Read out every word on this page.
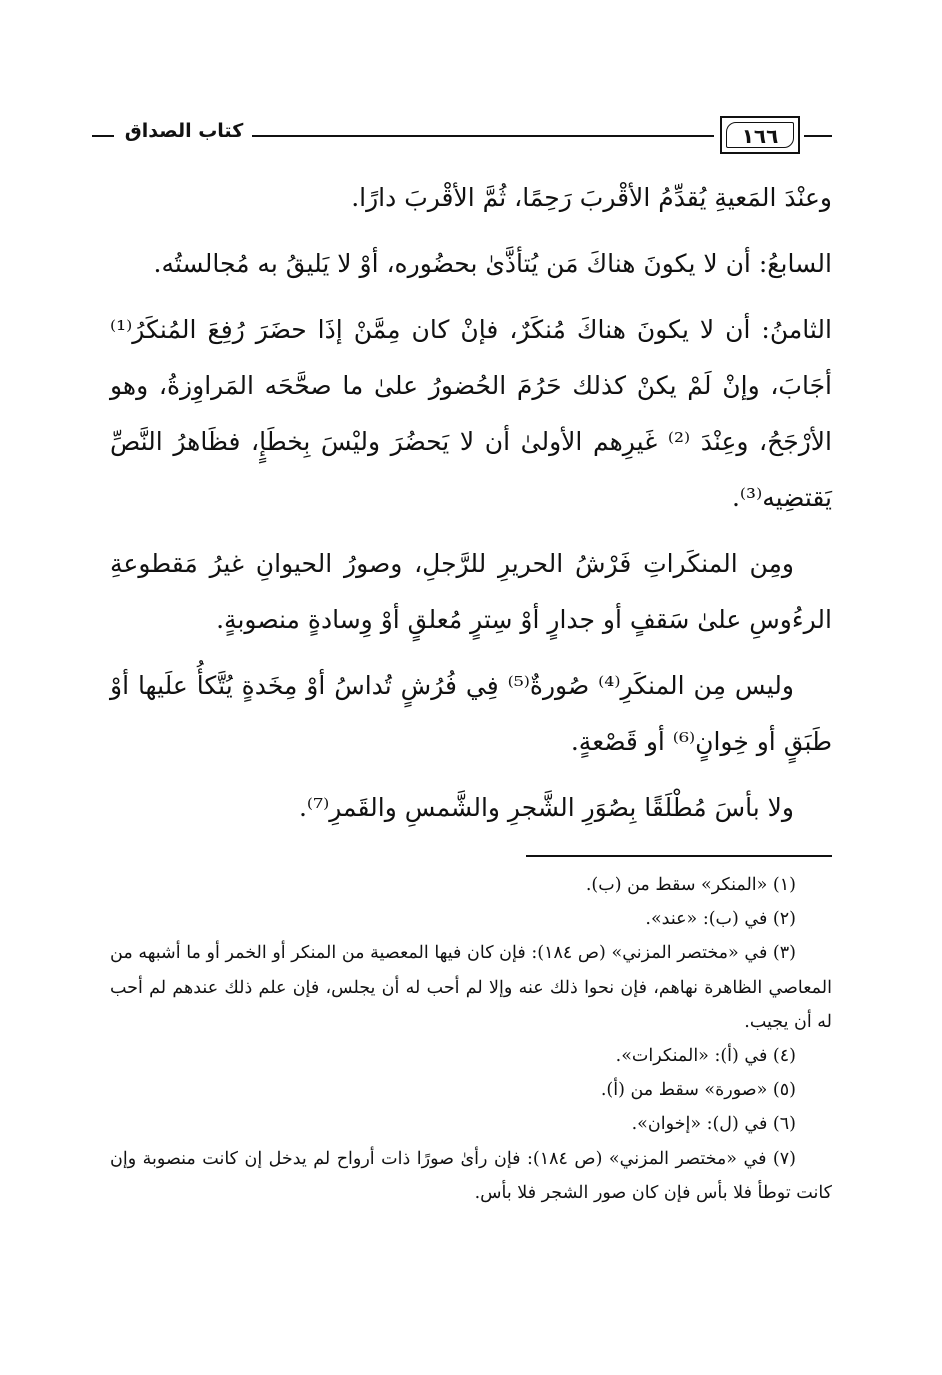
كتاب الصداق	١٦٦

وعنْدَ المَعيةِ يُقدِّمُ الأقْربَ رَحِمًا، ثُمَّ الأقْربَ دارًا.

السابعُ: أن لا يكونَ هناكَ مَن يُتأذَّىٰ بحضُوره، أوْ لا يَليقُ به مُجالستُه.

الثامنُ: أن لا يكونَ هناكَ مُنكَرٌ، فإنْ كان مِمَّنْ إذَا حضَرَ رُفِعَ المُنكَرُ⁽¹⁾ أجَابَ، وإنْ لَمْ يكنْ كذلك حَرُمَ الحُضورُ علىٰ ما صحَّحَه المَراوِزةُ، وهو الأرْجَحُ، وعِنْدَ ⁽²⁾ غَيرِهم الأولىٰ أن لا يَحضُرَ وليْسَ بِخطَإٍ، فظَاهرُ النَّصِّ يَقتضِيه⁽³⁾.

ومِن المنكَراتِ فَرْشُ الحريرِ للرَّجلِ، وصورُ الحيوانِ غيرُ مَقطوعةِ الرءُوسِ علىٰ سَقفٍ أو جدارٍ أوْ سِترٍ مُعلقٍ أوْ وِسادةٍ منصوبةٍ.

وليس مِن المنكَرِ⁽⁴⁾ صُورةٌ⁽⁵⁾ فِي فُرُشٍ تُداسُ أوْ مِخَدةٍ يُتَّكأُ علَيها أوْ طَبَقٍ أو خِوانٍ⁽⁶⁾ أو قَصْعةٍ.

ولا بأسَ مُطْلَقًا بِصُوَرِ الشَّجرِ والشَّمسِ والقَمرِ⁽⁷⁾.

(١) «المنكر» سقط من (ب).

(٢) في (ب): «عند».

(٣) في «مختصر المزني» (ص ١٨٤): فإن كان فيها المعصية من المنكر أو الخمر أو ما أشبهه من المعاصي الظاهرة نهاهم، فإن نحوا ذلك عنه وإلا لم أحب له أن يجلس، فإن علم ذلك عندهم لم أحب له أن يجيب.

(٤) في (أ): «المنكرات».

(٥) «صورة» سقط من (أ).

(٦) في (ل): «إخوان».

(٧) في «مختصر المزني» (ص ١٨٤): فإن رأىٰ صورًا ذات أرواح لم يدخل إن كانت منصوبة وإن كانت توطأ فلا بأس فإن كان صور الشجر فلا بأس.
